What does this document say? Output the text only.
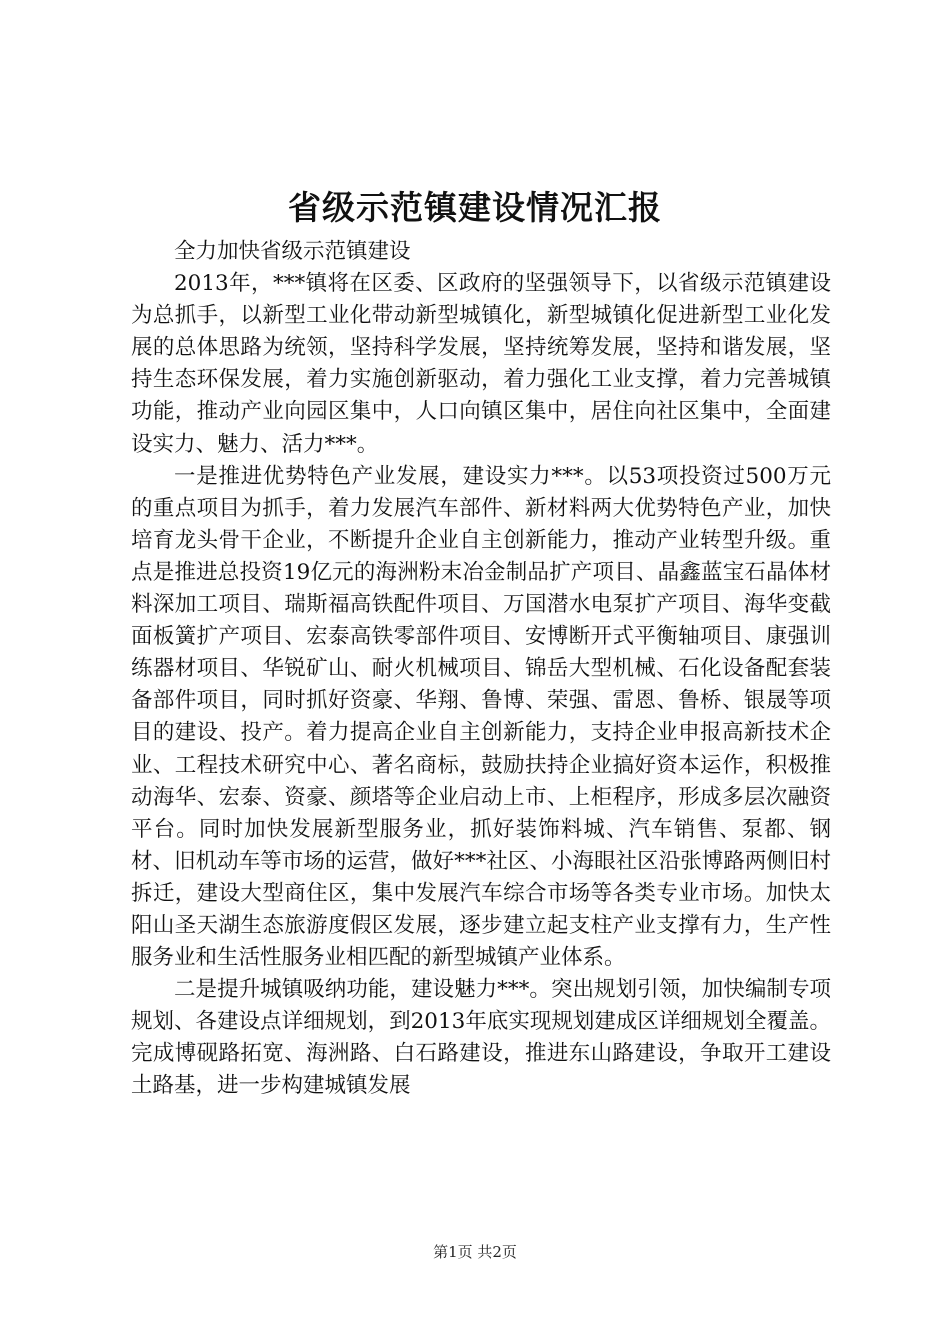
省级示范镇建设情况汇报

全力加快省级示范镇建设

2013年，***镇将在区委、区政府的坚强领导下，以省级示范镇建设为总抓手，以新型工业化带动新型城镇化，新型城镇化促进新型工业化发展的总体思路为统领，坚持科学发展，坚持统筹发展，坚持和谐发展，坚持生态环保发展，着力实施创新驱动，着力强化工业支撑，着力完善城镇功能，推动产业向园区集中，人口向镇区集中，居住向社区集中，全面建设实力、魅力、活力***。

一是推进优势特色产业发展，建设实力***。以53项投资过500万元的重点项目为抓手，着力发展汽车部件、新材料两大优势特色产业，加快培育龙头骨干企业，不断提升企业自主创新能力，推动产业转型升级。重点是推进总投资19亿元的海洲粉末冶金制品扩产项目、晶鑫蓝宝石晶体材料深加工项目、瑞斯福高铁配件项目、万国潜水电泵扩产项目、海华变截面板簧扩产项目、宏泰高铁零部件项目、安博断开式平衡轴项目、康强训练器材项目、华锐矿山、耐火机械项目、锦岳大型机械、石化设备配套装备部件项目，同时抓好资豪、华翔、鲁博、荣强、雷恩、鲁桥、银晟等项目的建设、投产。着力提高企业自主创新能力，支持企业申报高新技术企业、工程技术研究中心、著名商标，鼓励扶持企业搞好资本运作，积极推动海华、宏泰、资豪、颜塔等企业启动上市、上柜程序，形成多层次融资平台。同时加快发展新型服务业，抓好装饰料城、汽车销售、泵都、钢材、旧机动车等市场的运营，做好***社区、小海眼社区沿张博路两侧旧村拆迁，建设大型商住区，集中发展汽车综合市场等各类专业市场。加快太阳山圣天湖生态旅游度假区发展，逐步建立起支柱产业支撑有力，生产性服务业和生活性服务业相匹配的新型城镇产业体系。

二是提升城镇吸纳功能，建设魅力***。突出规划引领，加快编制专项规划、各建设点详细规划，到2013年底实现规划建成区详细规划全覆盖。完成博砚路拓宽、海洲路、白石路建设，推进东山路建设，争取开工建设土路基，进一步构建城镇发展

第1页 共2页
